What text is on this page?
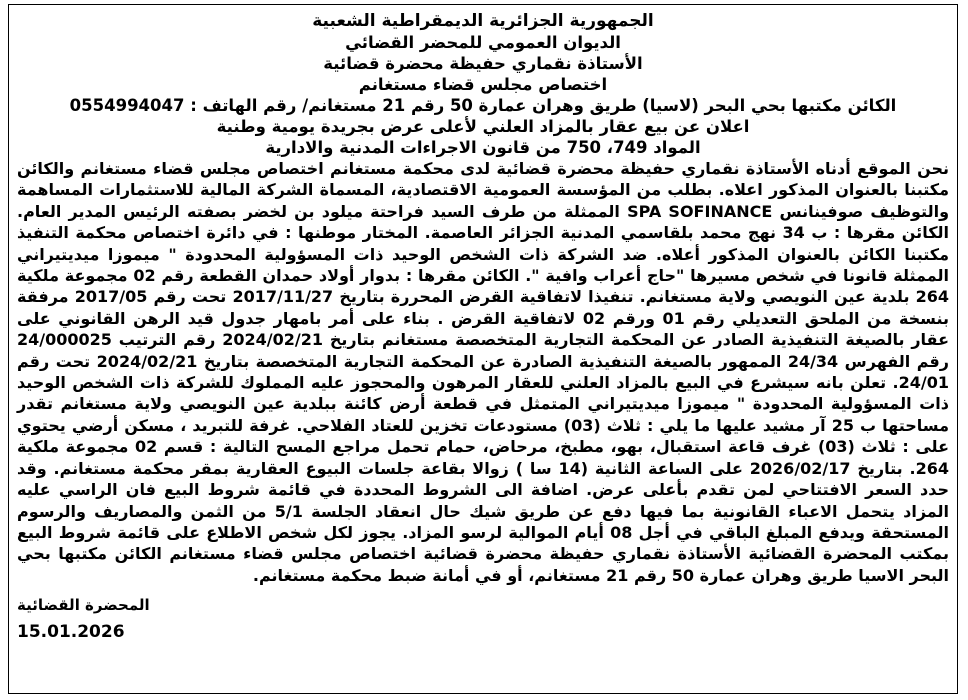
الجمهورية الجزائرية الديمقراطية الشعبية
الديوان العمومي للمحضر القضائي
الأستاذة نقماري حفيظة محضرة قضائية
اختصاص مجلس قضاء مستغانم
الكائن مكتبها بحي البحر (لاسيا) طريق وهران عمارة 50 رقم 21 مستغانم/ رقم الهاتف : 0554994047
اعلان عن بيع عقار بالمزاد العلني لأعلى عرض بجريدة يومية وطنية
المواد 749، 750 من قانون الاجراءات المدنية والادارية
نحن الموقع أدناه الأستاذة نقماري حفيظة محضرة قضائية لدى محكمة مستغانم اختصاص مجلس قضاء مستغانم والكائن مكتبنا بالعنوان المذكور اعلاه. بطلب من المؤسسة العمومية الاقتصادية، المسماة الشركة المالية للاستثمارات المساهمة والتوظيف صوفينانس SPA SOFINANCE الممثلة من طرف السيد فراحتة ميلود بن لخضر بصفته الرئيس المدير العام. الكائن مقرها : ب 34 نهج محمد بلقاسمي المدنية الجزائر العاصمة. المختار موطنها : في دائرة اختصاص محكمة التنفيذ مكتبنا الكائن بالعنوان المذكور أعلاه. ضد الشركة ذات الشخص الوحيد ذات المسؤولية المحدودة " ميموزا ميديتيراني الممثلة قانونا في شخص مسيرها "حاج أعراب وافية ". الكائن مقرها : بدوار أولاد حمدان القطعة رقم 02 مجموعة ملكية 264 بلدية عين النويصي ولاية مستغانم. تنفيذا لاتفاقية القرض المحررة بتاريخ 2017/11/27 تحت رقم 2017/05 مرفقة بنسخة من الملحق التعديلي رقم 01 ورقم 02 لاتفاقية القرض . بناء على أمر بامهار جدول قيد الرهن القانوني على عقار بالصيغة التنفيذية الصادر عن المحكمة التجارية المتخصصة مستغانم بتاريخ 2024/02/21 رقم الترتيب 24/000025 رقم الفهرس 24/34 الممهور بالصيغة التنفيذية الصادرة عن المحكمة التجارية المتخصصة بتاريخ 2024/02/21 تحت رقم 24/01. تعلن بانه سيشرع في البيع بالمزاد العلني للعقار المرهون والمحجوز عليه المملوك للشركة ذات الشخص الوحيد ذات المسؤولية المحدودة " ميموزا ميديتيراني المتمثل في قطعة أرض كائنة ببلدية عين النويصي ولاية مستغانم تقدر مساحتها ب 25 آر مشيد عليها ما يلي : ثلاث (03) مستودعات تخزين للعتاد الفلاحي. غرفة للتبريد ، مسكن أرضي يحتوي على : ثلاث (03) غرف قاعة استقبال، بهو، مطبخ، مرحاض، حمام تحمل مراجع المسح التالية : قسم 02 مجموعة ملكية 264. بتاريخ 2026/02/17 على الساعة الثانية (14 سا ) زوالا بقاعة جلسات البيوع العقارية بمقر محكمة مستغانم. وقد حدد السعر الافتتاحي لمن تقدم بأعلى عرض. اضافة الى الشروط المحددة في قائمة شروط البيع فان الراسي عليه المزاد يتحمل الاعباء القانونية بما فيها دفع عن طريق شيك حال انعقاد الجلسة 5/1 من الثمن والمصاريف والرسوم المستحقة ويدفع المبلغ الباقي في أجل 08 أيام الموالية لرسو المزاد. يجوز لكل شخص الاطلاع على قائمة شروط البيع بمكتب المحضرة القضائية الأستاذة نقماري حفيظة محضرة قضائية اختصاص مجلس قضاء مستغانم الكائن مكتبها بحي البحر الاسيا طريق وهران عمارة 50 رقم 21 مستغانم، أو في أمانة ضبط محكمة مستغانم.
المحضرة القضائية
15.01.2026
